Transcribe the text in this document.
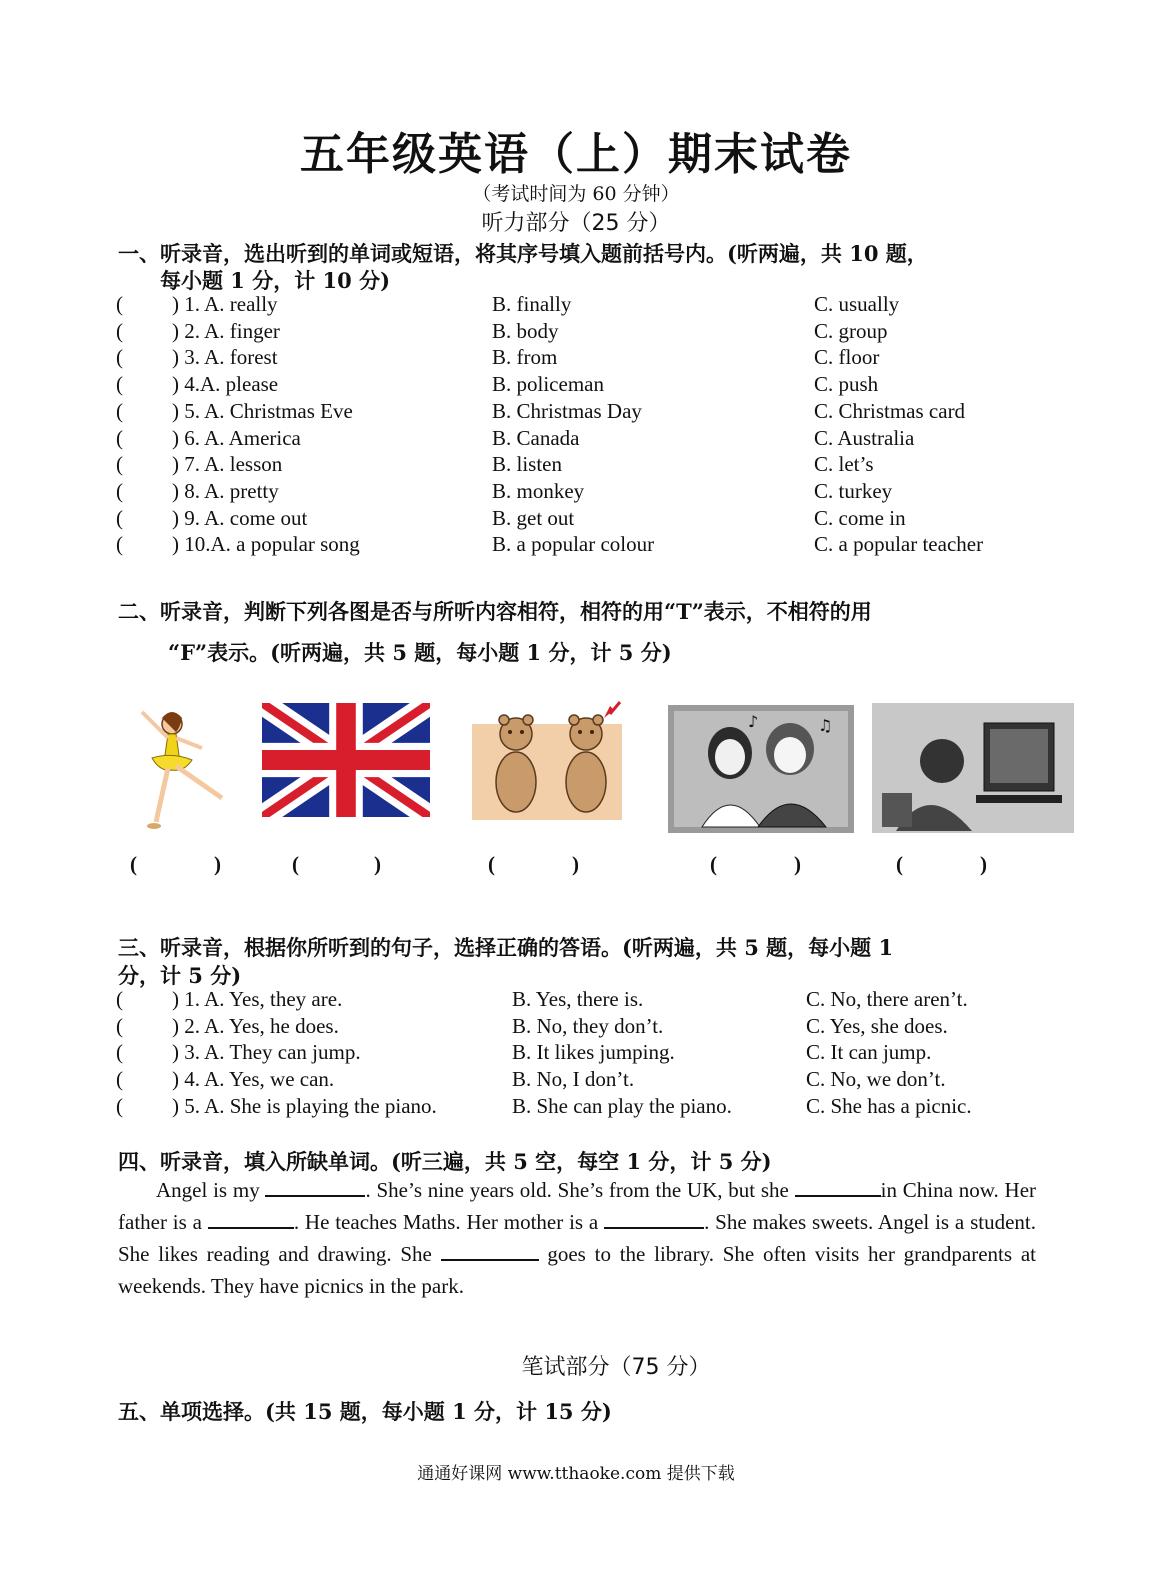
五年级英语（上）期末试卷
（考试时间为 60 分钟）
听力部分（25 分）
一、听录音，选出听到的单词或短语，将其序号填入题前括号内。(听两遍，共 10 题，
每小题 1 分，计 10 分)
( ) 1. A. really	B. finally	C. usually
( ) 2. A. finger	B. body	C. group
( ) 3. A. forest	B. from	C. floor
( ) 4.A. please	B. policeman	C. push
( ) 5. A. Christmas Eve	B. Christmas Day	C. Christmas card
( ) 6. A. America	B. Canada	C. Australia
( ) 7. A. lesson	B. listen	C. let’s
( ) 8. A. pretty	B. monkey	C. turkey
( ) 9. A. come out	B. get out	C. come in
( ) 10.A. a popular song	B. a popular colour	C. a popular teacher
二、听录音，判断下列各图是否与所听内容相符，相符的用“T”表示，不相符的用
“F”表示。(听两遍，共 5 题，每小题 1 分，计 5 分)
♪	♫
(	)	(	)	(	)	(	)	(	)
三、听录音，根据你所听到的句子，选择正确的答语。(听两遍，共 5 题，每小题 1
分，计 5 分)
( ) 1. A. Yes, they are.	B. Yes, there is.	C. No, there aren’t.
( ) 2. A. Yes, he does.	B. No, they don’t.	C. Yes, she does.
( ) 3. A. They can jump.	B. It likes jumping.	C. It can jump.
( ) 4. A. Yes, we can.	B. No, I don’t.	C. No, we don’t.
( ) 5. A. She is playing the piano.	B. She can play the piano.	C. She has a picnic.
四、听录音，填入所缺单词。(听三遍，共 5 空，每空 1 分，计 5 分)
Angel is my	. She’s nine years old. She’s from the UK, but she	in China now. Her father is a	. He teaches Maths. Her mother is a	. She makes sweets. Angel is a student. She likes reading and drawing. She	goes to the library. She often visits her grandparents at weekends. They have picnics in the park.
笔试部分（75 分）
五、单项选择。(共 15 题，每小题 1 分，计 15 分)
通通好课网 www.tthaoke.com 提供下载
